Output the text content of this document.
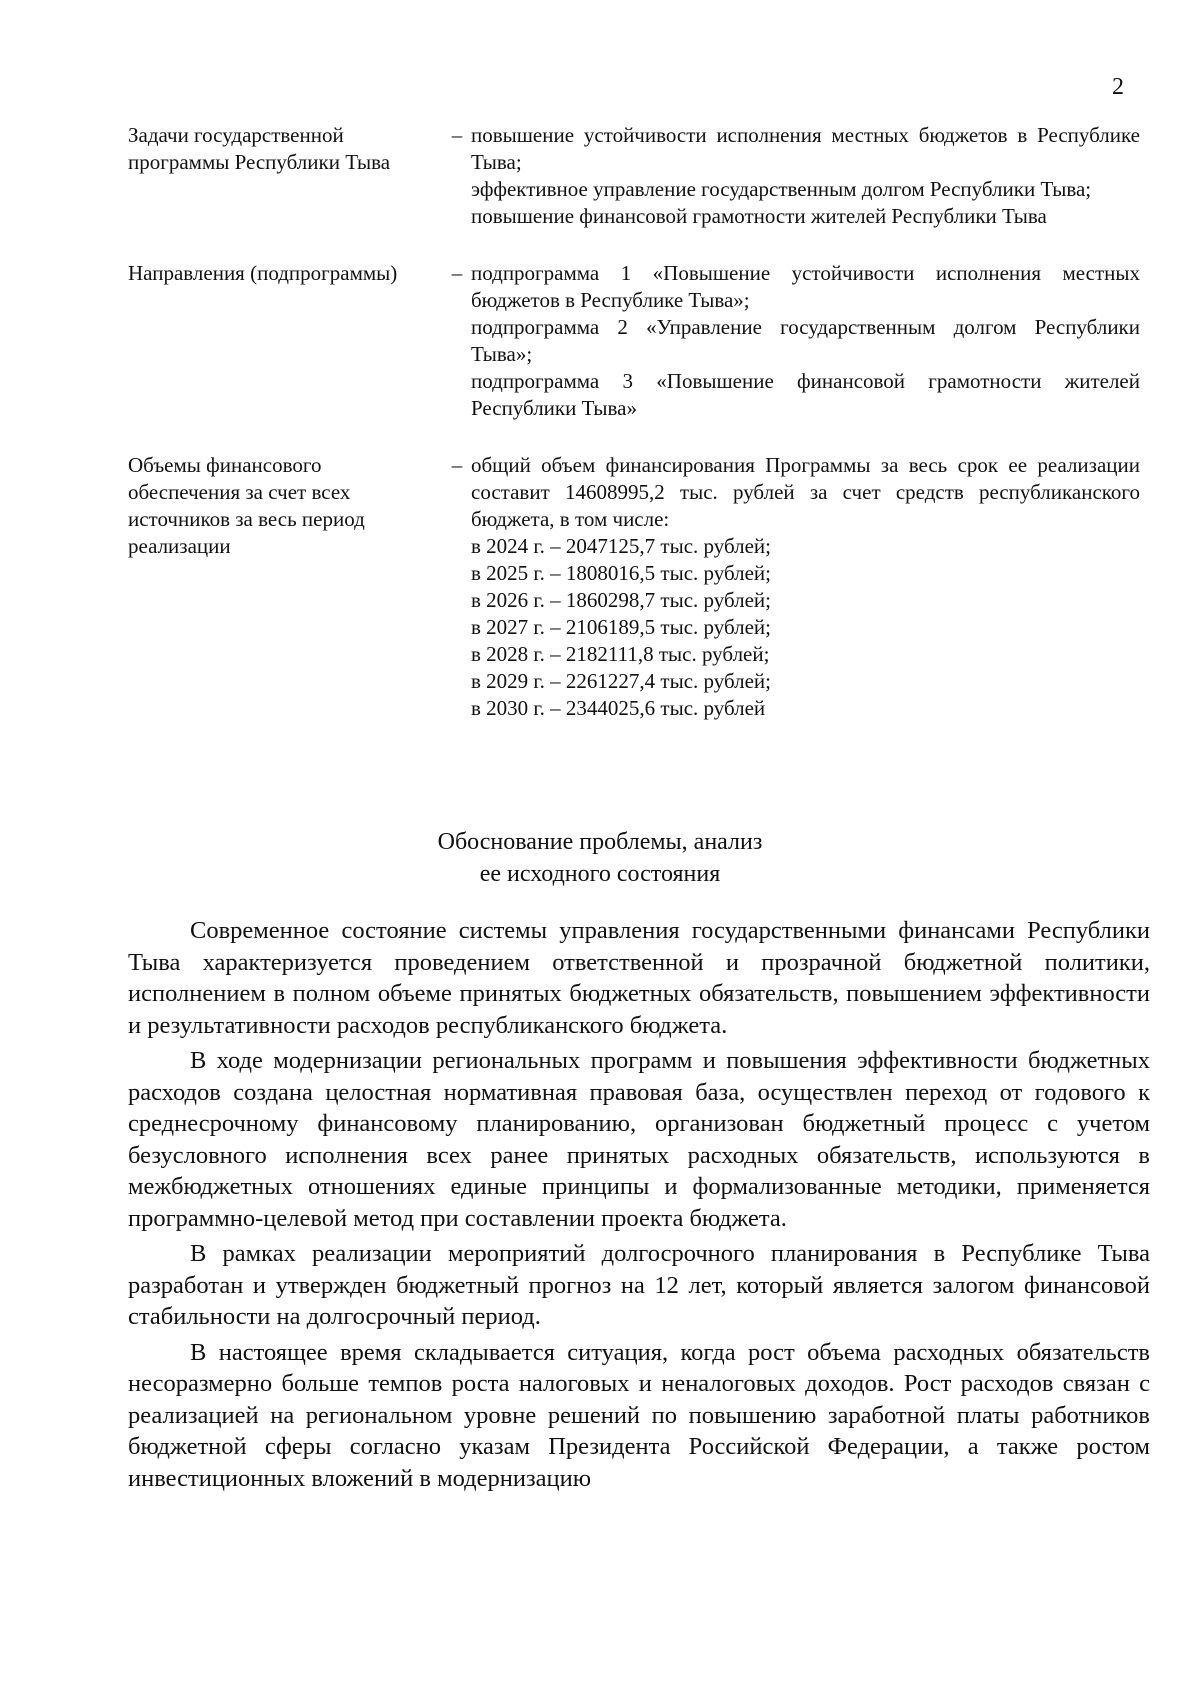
2
Задачи государственной программы Республики Тыва
– повышение устойчивости исполнения местных бюджетов в Республике Тыва;
эффективное управление государственным долгом Республики Тыва;
повышение финансовой грамотности жителей Республики Тыва
Направления (подпрограммы)	– подпрограмма 1 «Повышение устойчивости исполнения местных бюджетов в Республике Тыва»;
подпрограмма 2 «Управление государственным долгом Республики Тыва»;
подпрограмма 3 «Повышение финансовой грамотности жителей Республики Тыва»
Объемы финансового обеспечения за счет всех источников за весь период реализации
– общий объем финансирования Программы за весь срок ее реализации составит 14608995,2 тыс. рублей за счет средств республиканского бюджета, в том числе:
в 2024 г. – 2047125,7 тыс. рублей;
в 2025 г. – 1808016,5 тыс. рублей;
в 2026 г. – 1860298,7 тыс. рублей;
в 2027 г. – 2106189,5 тыс. рублей;
в 2028 г. – 2182111,8 тыс. рублей;
в 2029 г. – 2261227,4 тыс. рублей;
в 2030 г. – 2344025,6 тыс. рублей
Обоснование проблемы, анализ
ее исходного состояния

Современное состояние системы управления государственными финансами Республики Тыва характеризуется проведением ответственной и прозрачной бюджетной политики, исполнением в полном объеме принятых бюджетных обязательств, повышением эффективности и результативности расходов республиканского бюджета.

В ходе модернизации региональных программ и повышения эффективности бюджетных расходов создана целостная нормативная правовая база, осуществлен переход от годового к среднесрочному финансовому планированию, организован бюджетный процесс с учетом безусловного исполнения всех ранее принятых расходных обязательств, используются в межбюджетных отношениях единые принципы и формализованные методики, применяется программно-целевой метод при составлении проекта бюджета.

В рамках реализации мероприятий долгосрочного планирования в Республике Тыва разработан и утвержден бюджетный прогноз на 12 лет, который является залогом финансовой стабильности на долгосрочный период.

В настоящее время складывается ситуация, когда рост объема расходных обязательств несоразмерно больше темпов роста налоговых и неналоговых доходов. Рост расходов связан с реализацией на региональном уровне решений по повышению заработной платы работников бюджетной сферы согласно указам Президента Российской Федерации, а также ростом инвестиционных вложений в модернизацию
